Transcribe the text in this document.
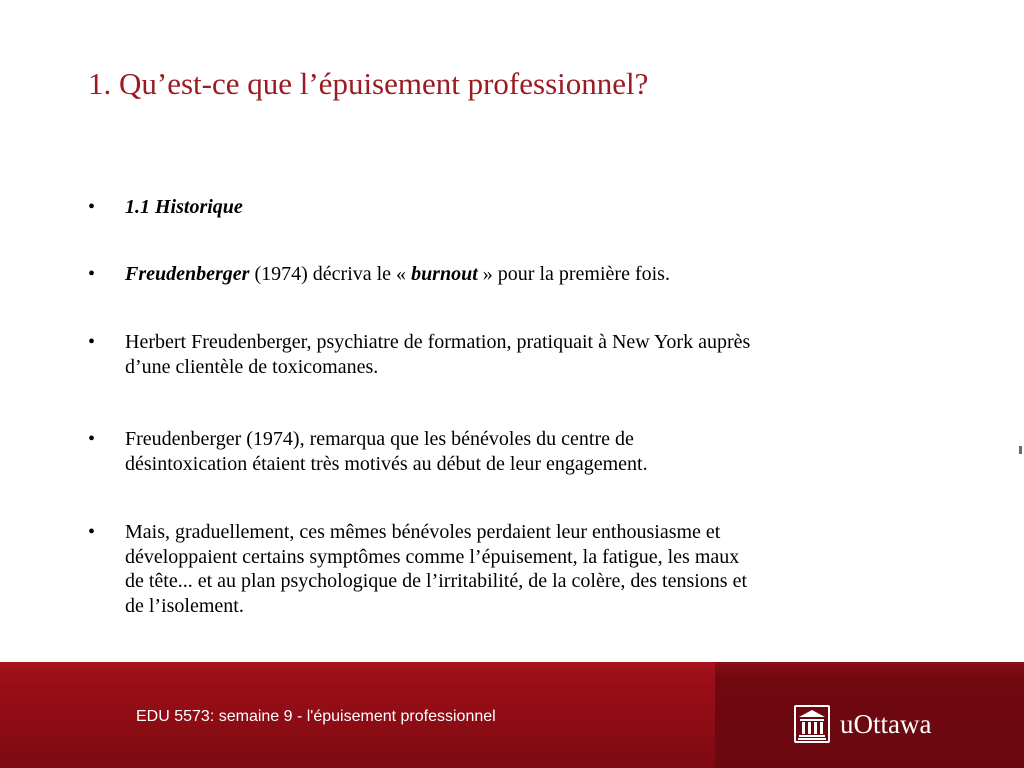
1. Qu’est-ce que l’épuisement professionnel?
• 1.1 Historique
• Freudenberger (1974) décriva le « burnout » pour la première fois.
• Herbert Freudenberger, psychiatre de formation, pratiquait à New York auprès
d’une clientèle de toxicomanes.
• Freudenberger (1974), remarqua que les bénévoles du centre de
désintoxication étaient très motivés au début de leur engagement.
• Mais, graduellement, ces mêmes bénévoles perdaient leur enthousiasme et
développaient certains symptômes comme l’épuisement, la fatigue, les maux
de tête... et au plan psychologique de l’irritabilité, de la colère, des tensions et
de l’isolement.
EDU 5573: semaine 9 - l'épuisement professionnel	uOttawa
